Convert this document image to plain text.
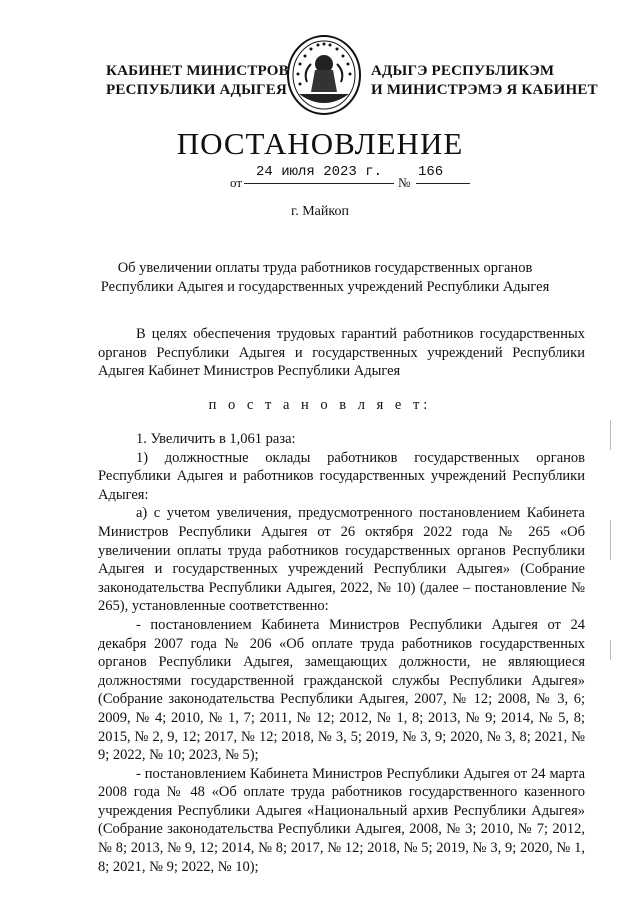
КАБИНЕТ МИНИСТРОВ
РЕСПУБЛИКИ АДЫГЕЯ
АДЫГЭ РЕСПУБЛИКЭМ
И МИНИСТРЭМЭ Я КАБИНЕТ
ПОСТАНОВЛЕНИЕ
от
24 июля 2023 г.
№
166
г. Майкоп
Об увеличении оплаты труда работников государственных органов
Республики Адыгея и государственных учреждений Республики Адыгея

В целях обеспечения трудовых гарантий работников государственных органов Республики Адыгея и государственных учреждений Республики Адыгея Кабинет Министров Республики Адыгея

п о с т а н о в л я е т:

1. Увеличить в 1,061 раза:

1) должностные оклады работников государственных органов Республики Адыгея и работников государственных учреждений Республики Адыгея:

а) с учетом увеличения, предусмотренного постановлением Кабинета Министров Республики Адыгея от 26 октября 2022 года № 265 «Об увеличении оплаты труда работников государственных органов Республики Адыгея и государственных учреждений Республики Адыгея» (Собрание законодательства Республики Адыгея, 2022, № 10) (далее – постановление № 265), установленные соответственно:

- постановлением Кабинета Министров Республики Адыгея от 24 декабря 2007 года № 206 «Об оплате труда работников государственных органов Республики Адыгея, замещающих должности, не являющиеся должностями государственной гражданской службы Республики Адыгея» (Собрание законодательства Республики Адыгея, 2007, № 12; 2008, № 3, 6; 2009, № 4; 2010, № 1, 7; 2011, № 12; 2012, № 1, 8; 2013, № 9; 2014, № 5, 8; 2015, № 2, 9, 12; 2017, № 12; 2018, № 3, 5; 2019, № 3, 9; 2020, № 3, 8; 2021, № 9; 2022, № 10; 2023, № 5);

- постановлением Кабинета Министров Республики Адыгея от 24 марта 2008 года № 48 «Об оплате труда работников государственного казенного учреждения Республики Адыгея «Национальный архив Республики Адыгея» (Собрание законодательства Республики Адыгея, 2008, № 3; 2010, № 7; 2012, № 8; 2013, № 9, 12; 2014, № 8; 2017, № 12; 2018, № 5; 2019, № 3, 9; 2020, № 1, 8; 2021, № 9; 2022, № 10);
